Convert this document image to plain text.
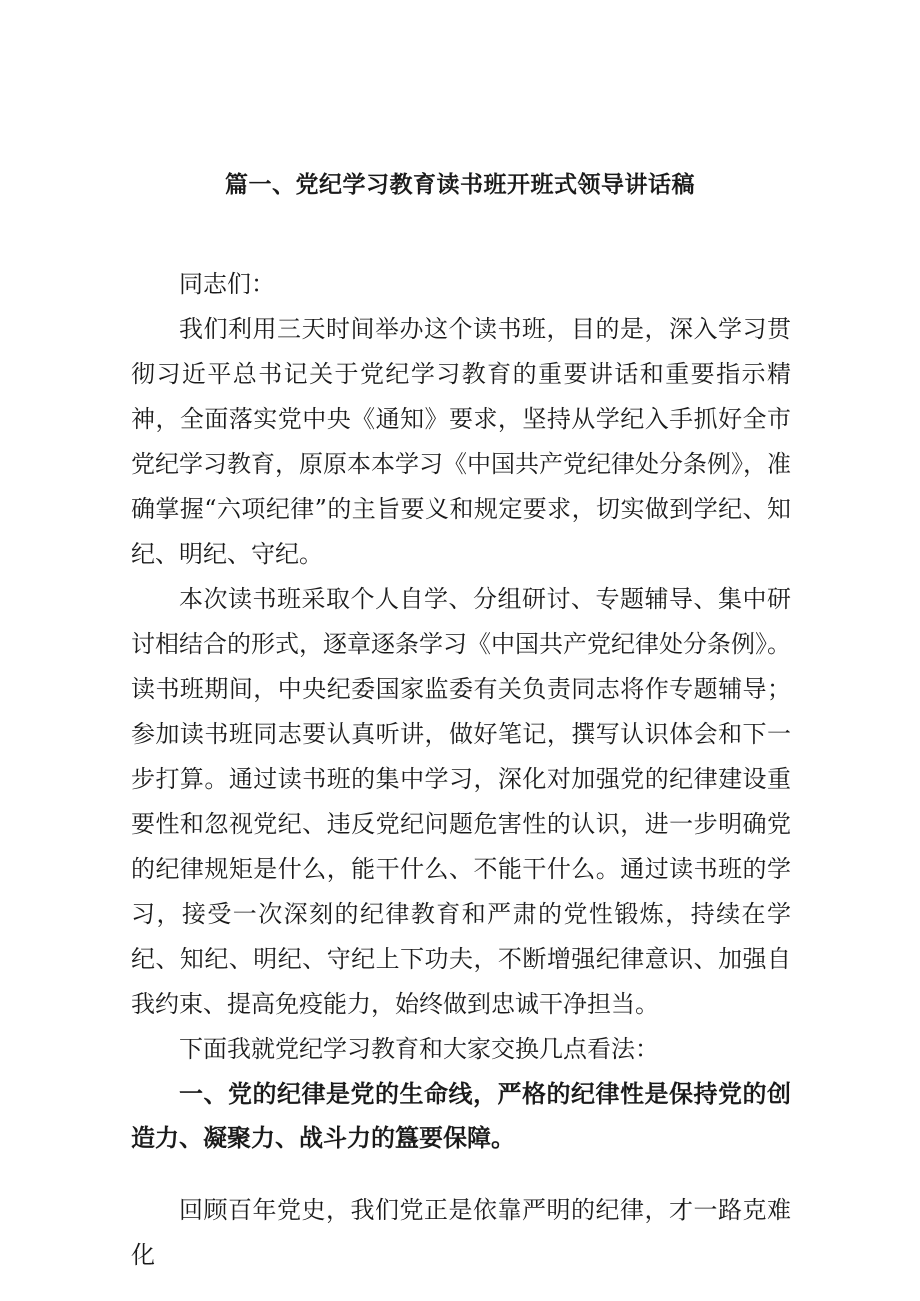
篇一、党纪学习教育读书班开班式领导讲话稿

同志们：

我们利用三天时间举办这个读书班，目的是，深入学习贯彻习近平总书记关于党纪学习教育的重要讲话和重要指示精神，全面落实党中央《通知》要求，坚持从学纪入手抓好全市党纪学习教育，原原本本学习《中国共产党纪律处分条例》，准确掌握“六项纪律”的主旨要义和规定要求，切实做到学纪、知纪、明纪、守纪。

本次读书班采取个人自学、分组研讨、专题辅导、集中研讨相结合的形式，逐章逐条学习《中国共产党纪律处分条例》。读书班期间，中央纪委国家监委有关负责同志将作专题辅导；参加读书班同志要认真听讲，做好笔记，撰写认识体会和下一步打算。通过读书班的集中学习，深化对加强党的纪律建设重要性和忽视党纪、违反党纪问题危害性的认识，进一步明确党的纪律规矩是什么，能干什么、不能干什么。通过读书班的学习，接受一次深刻的纪律教育和严肃的党性锻炼，持续在学纪、知纪、明纪、守纪上下功夫，不断增强纪律意识、加强自我约束、提高免疫能力，始终做到忠诚干净担当。

下面我就党纪学习教育和大家交换几点看法：

一、党的纪律是党的生命线，严格的纪律性是保持党的创造力、凝聚力、战斗力的簋要保障。

回顾百年党史，我们党正是依靠严明的纪律，才一路克难化
